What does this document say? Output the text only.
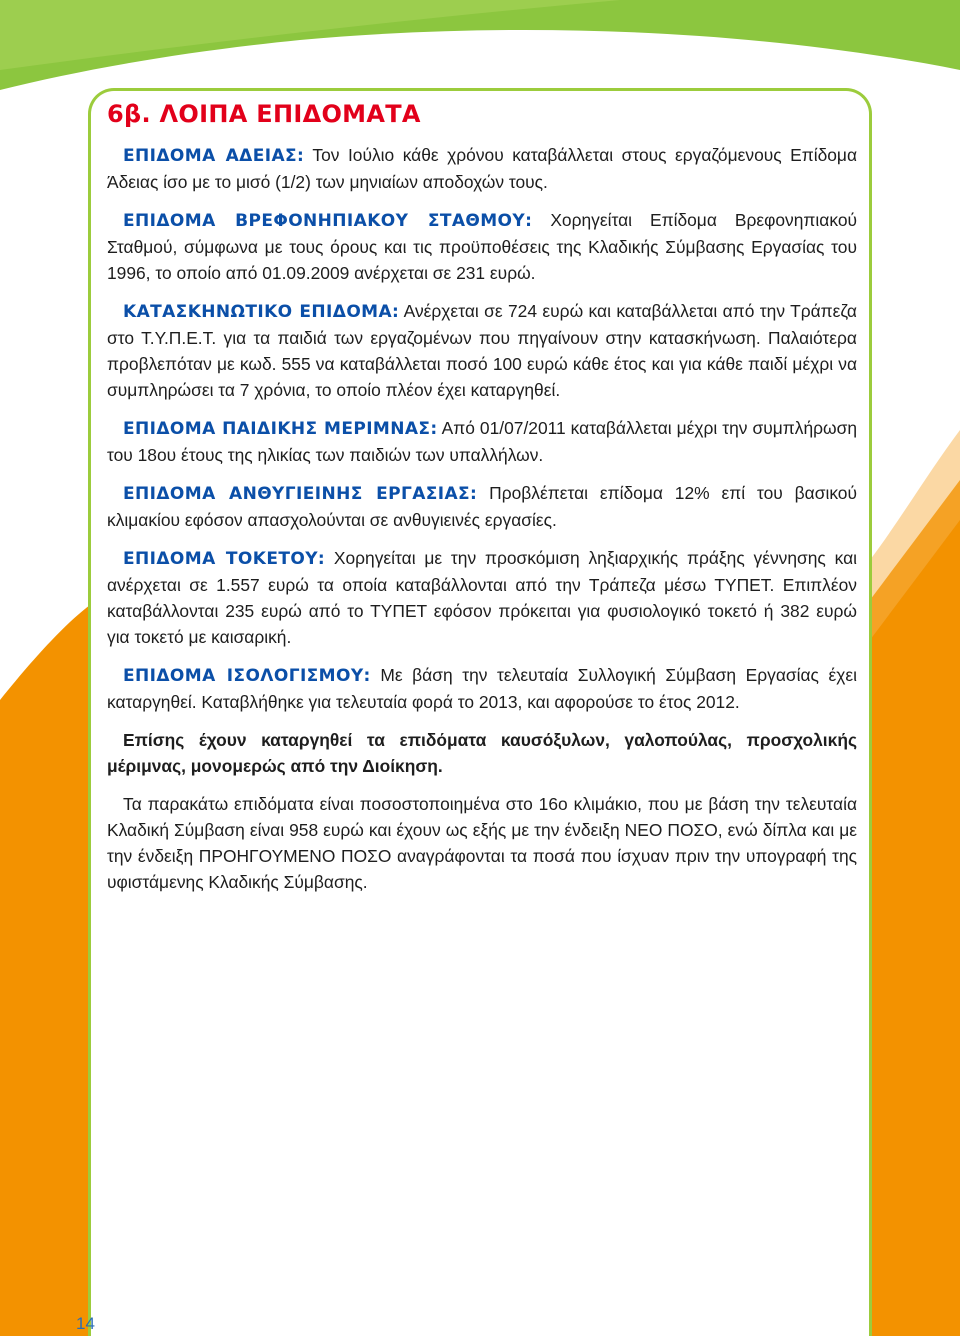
6β. ΛΟΙΠΑ ΕΠΙΔΟΜΑΤΑ

ΕΠΙΔΟΜΑ ΑΔΕΙΑΣ: Τον Ιούλιο κάθε χρόνου καταβάλλεται στους εργαζόμενους Επίδομα Άδειας ίσο με το μισό (1/2) των μηνιαίων αποδοχών τους.

ΕΠΙΔΟΜΑ ΒΡΕΦΟΝΗΠΙΑΚΟΥ ΣΤΑΘΜΟΥ: Χορηγείται Επίδομα Βρεφονηπιακού Σταθμού, σύμφωνα με τους όρους και τις προϋποθέσεις της Κλαδικής Σύμβασης Εργασίας του 1996, το οποίο από 01.09.2009 ανέρχεται σε 231 ευρώ.

ΚΑΤΑΣΚΗΝΩΤΙΚΟ ΕΠΙΔΟΜΑ: Ανέρχεται σε 724 ευρώ και καταβάλλεται από την Τράπεζα στο Τ.Υ.Π.Ε.Τ. για τα παιδιά των εργαζομένων που πηγαίνουν στην κατασκήνωση. Παλαιότερα προβλεπόταν με κωδ. 555 να καταβάλλεται ποσό 100 ευρώ κάθε έτος και για κάθε παιδί μέχρι να συμπληρώσει τα 7 χρόνια, το οποίο πλέον έχει καταργηθεί.

ΕΠΙΔΟΜΑ ΠΑΙΔΙΚΗΣ ΜΕΡΙΜΝΑΣ: Από 01/07/2011 καταβάλλεται μέχρι την συμπλήρωση του 18ου έτους της ηλικίας των παιδιών των υπαλλήλων.

ΕΠΙΔΟΜΑ ΑΝΘΥΓΙΕΙΝΗΣ ΕΡΓΑΣΙΑΣ: Προβλέπεται επίδομα 12% επί του βασικού κλιμακίου εφόσον απασχολούνται σε ανθυγιεινές εργασίες.

ΕΠΙΔΟΜΑ ΤΟΚΕΤΟΥ: Χορηγείται με την προσκόμιση ληξιαρχικής πράξης γέννησης και ανέρχεται σε 1.557 ευρώ τα οποία καταβάλλονται από την Τράπεζα μέσω ΤΥΠΕΤ. Επιπλέον καταβάλλονται 235 ευρώ από το ΤΥΠΕΤ εφόσον πρόκειται για φυσιολογικό τοκετό ή 382 ευρώ για τοκετό με καισαρική.

ΕΠΙΔΟΜΑ ΙΣΟΛΟΓΙΣΜΟΥ: Με βάση την τελευταία Συλλογική Σύμβαση Εργασίας έχει καταργηθεί. Καταβλήθηκε για τελευταία φορά το 2013, και αφορούσε το έτος 2012.

Επίσης έχουν καταργηθεί τα επιδόματα καυσόξυλων, γαλοπούλας, προσχολικής μέριμνας, μονομερώς από την Διοίκηση.

Τα παρακάτω επιδόματα είναι ποσοστοποιημένα στο 16ο κλιμάκιο, που με βάση την τελευταία Κλαδική Σύμβαση είναι 958 ευρώ και έχουν ως εξής με την ένδειξη ΝΕΟ ΠΟΣΟ, ενώ δίπλα και με την ένδειξη ΠΡΟΗΓΟΥΜΕΝΟ ΠΟΣΟ αναγράφονται τα ποσά που ίσχυαν πριν την υπογραφή της υφιστάμενης Κλαδικής Σύμβασης.

14
